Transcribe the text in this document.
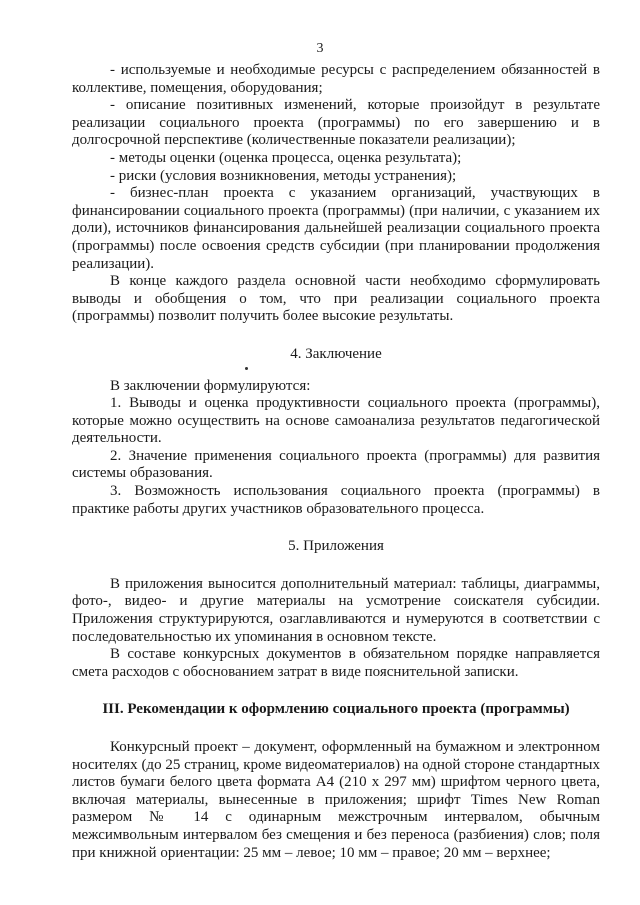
3

- используемые и необходимые ресурсы с распределением обязанностей в коллективе, помещения, оборудования;

- описание позитивных изменений, которые произойдут в результате реализации социального проекта (программы) по его завершению и в долгосрочной перспективе (количественные показатели реализации);

- методы оценки (оценка процесса, оценка результата);

- риски (условия возникновения, методы устранения);

- бизнес-план проекта с указанием организаций, участвующих в финансировании социального проекта (программы) (при наличии, с указанием их доли), источников финансирования дальнейшей реализации социального проекта (программы) после освоения средств субсидии (при планировании продолжения реализации).

В конце каждого раздела основной части необходимо сформулировать выводы и обобщения о том, что при реализации социального проекта (программы) позволит получить более высокие результаты.

4. Заключение

В заключении формулируются:

1. Выводы и оценка продуктивности социального проекта (программы), которые можно осуществить на основе самоанализа результатов педагогической деятельности.

2. Значение применения социального проекта (программы) для развития системы образования.

3. Возможность использования социального проекта (программы) в практике работы других участников образовательного процесса.

5. Приложения

В приложения выносится дополнительный материал: таблицы, диаграммы, фото-, видео- и другие материалы на усмотрение соискателя субсидии. Приложения структурируются, озаглавливаются и нумеруются в соответствии с последовательностью их упоминания в основном тексте.

В составе конкурсных документов в обязательном порядке направляется смета расходов с обоснованием затрат в виде пояснительной записки.

III. Рекомендации к оформлению социального проекта (программы)

Конкурсный проект – документ, оформленный на бумажном и электронном носителях (до 25 страниц, кроме видеоматериалов) на одной стороне стандартных листов бумаги белого цвета формата А4 (210 х 297 мм) шрифтом черного цвета, включая материалы, вынесенные в приложения; шрифт Times New Roman размером № 14 с одинарным межстрочным интервалом, обычным межсимвольным интервалом без смещения и без переноса (разбиения) слов; поля при книжной ориентации: 25 мм – левое; 10 мм – правое; 20 мм – верхнее;
